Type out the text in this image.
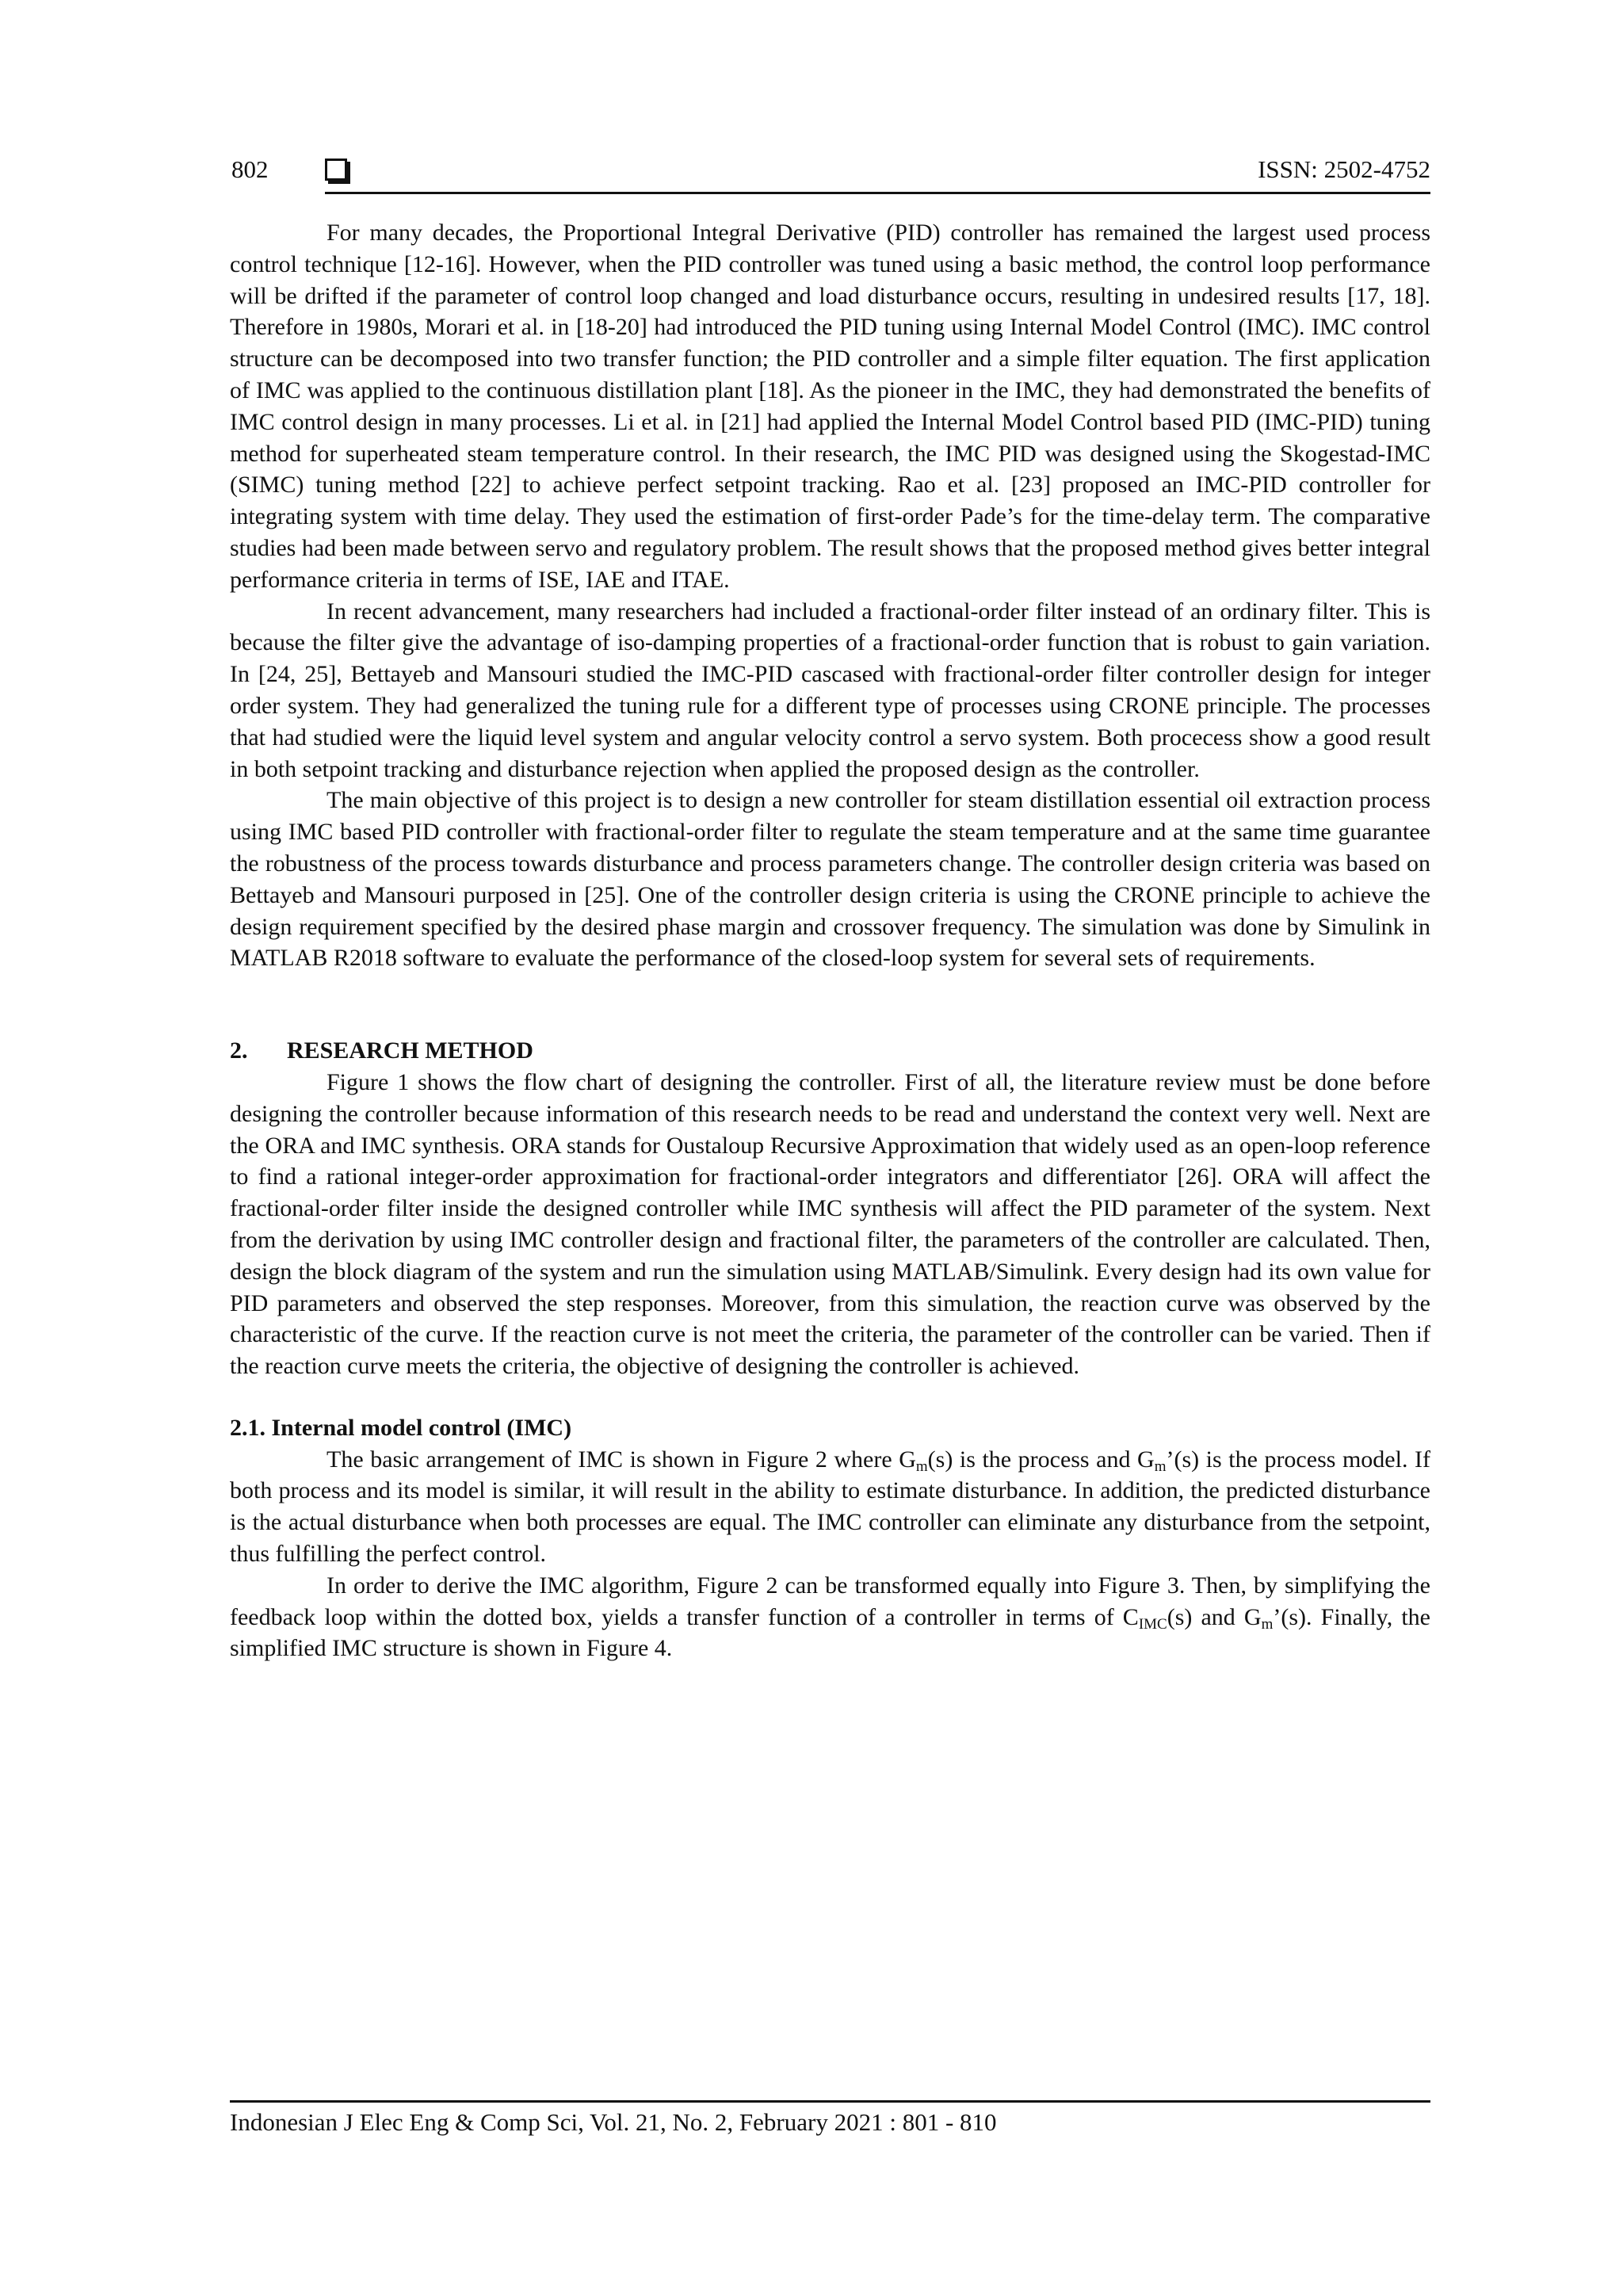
802	ISSN: 2502-4752

For many decades, the Proportional Integral Derivative (PID) controller has remained the largest used process control technique [12-16]. However, when the PID controller was tuned using a basic method, the control loop performance will be drifted if the parameter of control loop changed and load disturbance occurs, resulting in undesired results [17, 18]. Therefore in 1980s, Morari et al. in [18-20] had introduced the PID tuning using Internal Model Control (IMC). IMC control structure can be decomposed into two transfer function; the PID controller and a simple filter equation. The first application of IMC was applied to the continuous distillation plant [18]. As the pioneer in the IMC, they had demonstrated the benefits of IMC control design in many processes. Li et al. in [21] had applied the Internal Model Control based PID (IMC-PID) tuning method for superheated steam temperature control. In their research, the IMC PID was designed using the Skogestad-IMC (SIMC) tuning method [22] to achieve perfect setpoint tracking. Rao et al. [23] proposed an IMC-PID controller for integrating system with time delay. They used the estimation of first-order Pade’s for the time-delay term. The comparative studies had been made between servo and regulatory problem. The result shows that the proposed method gives better integral performance criteria in terms of ISE, IAE and ITAE.

In recent advancement, many researchers had included a fractional-order filter instead of an ordinary filter. This is because the filter give the advantage of iso-damping properties of a fractional-order function that is robust to gain variation. In [24, 25], Bettayeb and Mansouri studied the IMC-PID cascased with fractional-order filter controller design for integer order system. They had generalized the tuning rule for a different type of processes using CRONE principle. The processes that had studied were the liquid level system and angular velocity control a servo system. Both procecess show a good result in both setpoint tracking and disturbance rejection when applied the proposed design as the controller.

The main objective of this project is to design a new controller for steam distillation essential oil extraction process using IMC based PID controller with fractional-order filter to regulate the steam temperature and at the same time guarantee the robustness of the process towards disturbance and process parameters change. The controller design criteria was based on Bettayeb and Mansouri purposed in [25]. One of the controller design criteria is using the CRONE principle to achieve the design requirement specified by the desired phase margin and crossover frequency. The simulation was done by Simulink in MATLAB R2018 software to evaluate the performance of the closed-loop system for several sets of requirements.

2. RESEARCH METHOD

Figure 1 shows the flow chart of designing the controller. First of all, the literature review must be done before designing the controller because information of this research needs to be read and understand the context very well. Next are the ORA and IMC synthesis. ORA stands for Oustaloup Recursive Approximation that widely used as an open-loop reference to find a rational integer-order approximation for fractional-order integrators and differentiator [26]. ORA will affect the fractional-order filter inside the designed controller while IMC synthesis will affect the PID parameter of the system. Next from the derivation by using IMC controller design and fractional filter, the parameters of the controller are calculated. Then, design the block diagram of the system and run the simulation using MATLAB/Simulink. Every design had its own value for PID parameters and observed the step responses. Moreover, from this simulation, the reaction curve was observed by the characteristic of the curve. If the reaction curve is not meet the criteria, the parameter of the controller can be varied. Then if the reaction curve meets the criteria, the objective of designing the controller is achieved.

2.1. Internal model control (IMC)

The basic arrangement of IMC is shown in Figure 2 where $G_m(s)$ is the process and $G_m’(s)$ is the process model. If both process and its model is similar, it will result in the ability to estimate disturbance. In addition, the predicted disturbance is the actual disturbance when both processes are equal. The IMC controller can eliminate any disturbance from the setpoint, thus fulfilling the perfect control.

In order to derive the IMC algorithm, Figure 2 can be transformed equally into Figure 3. Then, by simplifying the feedback loop within the dotted box, yields a transfer function of a controller in terms of $C_{IMC}(s)$ and $G_m’(s)$. Finally, the simplified IMC structure is shown in Figure 4.

Indonesian J Elec Eng & Comp Sci, Vol. 21, No. 2, February 2021 : 801 - 810
